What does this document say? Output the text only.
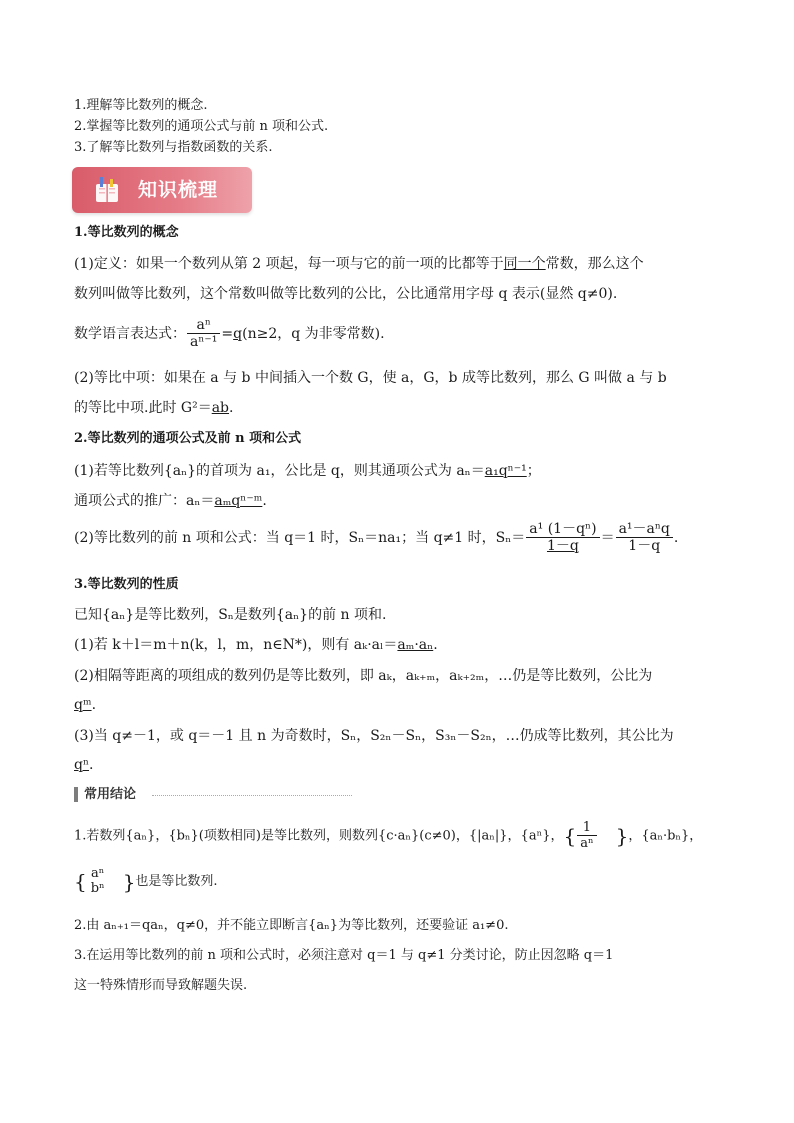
1.理解等比数列的概念.
2.掌握等比数列的通项公式与前 n 项和公式.
3.了解等比数列与指数函数的关系.
知识梳理
1.等比数列的概念
(1)定义：如果一个数列从第 2 项起，每一项与它的前一项的比都等于同一个常数，那么这个
数列叫做等比数列，这个常数叫做等比数列的公比，公比通常用字母 q 表示(显然 q≠0).
数学语言表达式： $\frac{\text{aⁿ}}{\text{aⁿ⁻¹}} =q(n\ge 2$，q 为非零常数).
(2)等比中项：如果在 a 与 b 中间插入一个数 G，使 a，G，b 成等比数列，那么 G 叫做 a 与 b
的等比中项.此时 G²＝ab.
2.等比数列的通项公式及前 n 项和公式
(1)若等比数列{aₙ}的首项为 a₁，公比是 q，则其通项公式为 aₙ＝a₁qⁿ⁻¹；
通项公式的推广：aₙ＝aₘqⁿ⁻ᵐ.
(2)等比数列的前 n 项和公式：当 q＝1 时，Sₙ＝na₁；当 q≠1 时，$S_n= \frac{\text{a¹ (1－qⁿ)}}{1-q} = \frac{\text{a¹－aⁿq}}{1-q}$ .
3.等比数列的性质
已知{aₙ}是等比数列，Sₙ是数列{aₙ}的前 n 项和.
(1)若 k＋l＝m＋n(k，l，m，n∈N*)，则有 aₖ·aₗ＝aₘ·aₙ.
(2)相隔等距离的项组成的数列仍是等比数列，即 aₖ，aₖ₊ₘ，aₖ₊₂ₘ，…仍是等比数列，公比为
qᵐ.
(3)当 q≠－1，或 q＝－1 且 n 为奇数时，Sₙ，S₂ₙ－Sₙ，S₃ₙ－S₂ₙ，…仍成等比数列，其公比为
qⁿ.
常用结论
1.若数列{aₙ}，{bₙ}(项数相同)是等比数列，则数列{c·aₙ}(c≠0)，{|aₙ|}，{aⁿ}，{ $\frac{1}{\text{aⁿ}}$ }，{aₙ·bₙ}，
{ aⁿ
bⁿ }也是等比数列.
2.由 aₙ₊₁＝qaₙ，q≠0，并不能立即断言{aₙ}为等比数列，还要验证 a₁≠0.
3.在运用等比数列的前 n 项和公式时，必须注意对 q＝1 与 q≠1 分类讨论，防止因忽略 q＝1
这一特殊情形而导致解题失误.
